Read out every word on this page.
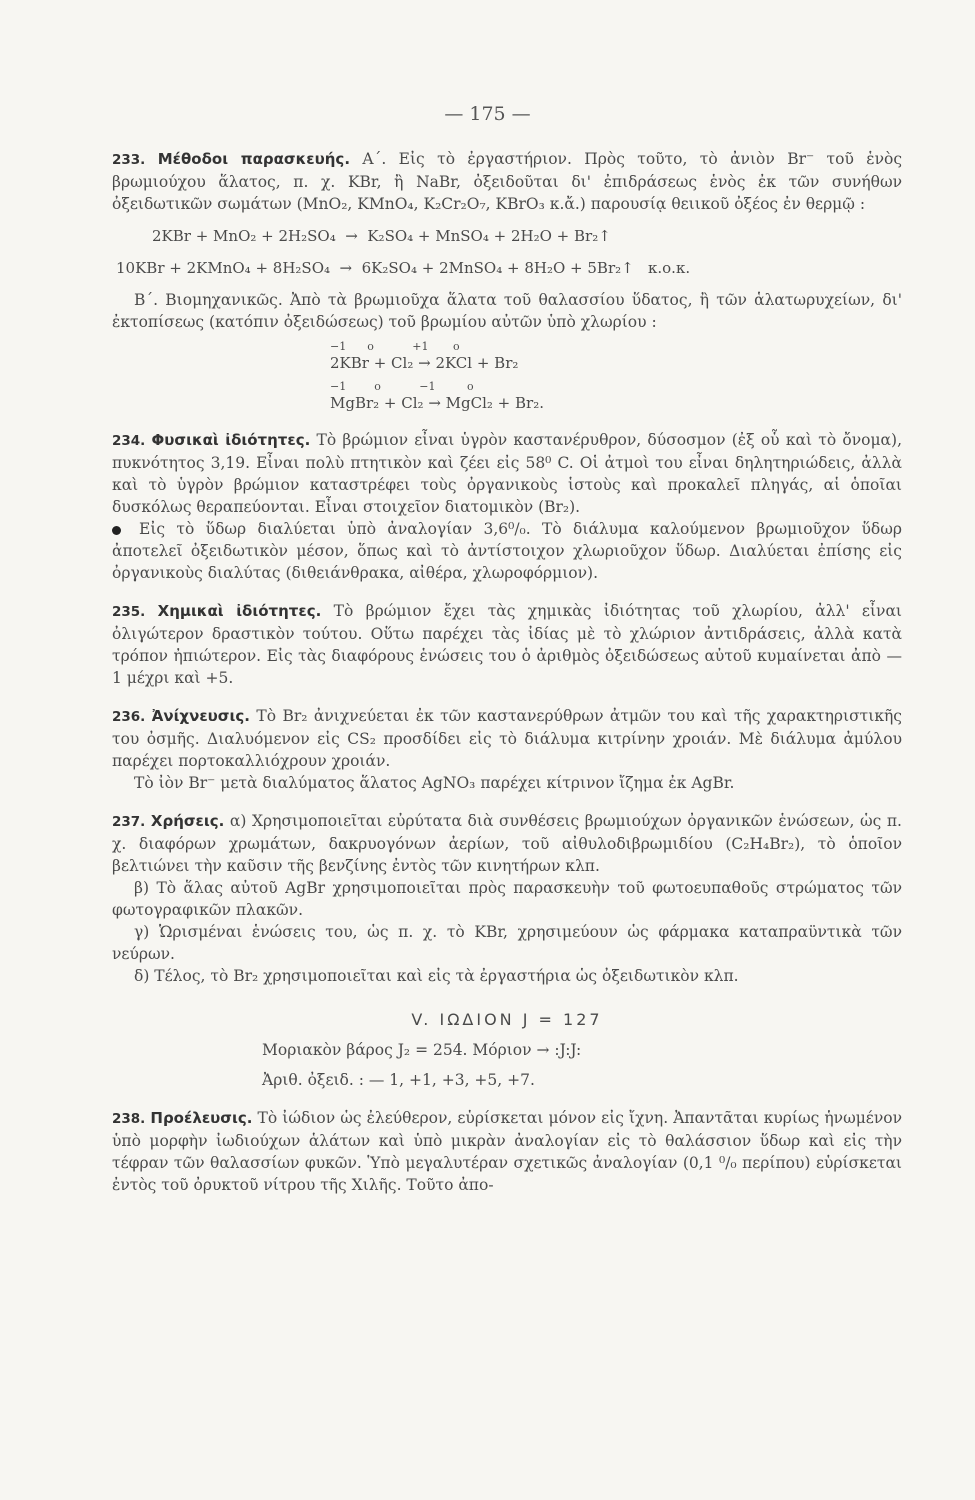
— 175 —

233. Μέθοδοι παρασκευής. Α΄. Εἰς τὸ ἐργαστήριον. Πρὸς τοῦτο, τὸ ἀνιὸν Br⁻ τοῦ ἑνὸς βρωμιούχου ἅλατος, π. χ. KBr, ἢ NaBr, ὀξειδοῦται δι' ἐπιδράσεως ἑνὸς ἐκ τῶν συνήθων ὀξειδωτικῶν σωμάτων (MnO₂, KMnO₄, K₂Cr₂O₇, KBrO₃ κ.ἄ.) παρουσίᾳ θειικοῦ ὀξέος ἐν θερμῷ :

2KBr + MnO₂ + 2H₂SO₄  →  K₂SO₄ + MnSO₄ + 2H₂O + Br₂↑
10KBr + 2KMnO₄ + 8H₂SO₄  →  6K₂SO₄ + 2MnSO₄ + 8H₂O + 5Br₂↑   κ.ο.κ.

Β΄. Βιομηχανικῶς. Ἀπὸ τὰ βρωμιοῦχα ἅλατα τοῦ θαλασσίου ὕδατος, ἢ τῶν ἁλατωρυχείων, δι' ἐκτοπίσεως (κατόπιν ὀξειδώσεως) τοῦ βρωμίου αὐτῶν ὑπὸ χλωρίου :

−1      o           +1       o
2KBr + Cl₂ → 2KCl + Br₂
−1        o           −1         o
MgBr₂ + Cl₂ → MgCl₂ + Br₂.

234. Φυσικαὶ ἰδιότητες. Τὸ βρώμιον εἶναι ὑγρὸν καστανέρυθρον, δύσοσμον (ἐξ οὗ καὶ τὸ ὄνομα), πυκνότητος 3,19. Εἶναι πολὺ πτητικὸν καὶ ζέει εἰς 58⁰ C. Οἱ ἀτμοὶ του εἶναι δηλητηριώδεις, ἀλλὰ καὶ τὸ ὑγρὸν βρώμιον καταστρέφει τοὺς ὀργανικοὺς ἱστοὺς καὶ προκαλεῖ πληγάς, αἱ ὁποῖαι δυσκόλως θεραπεύονται. Εἶναι στοιχεῖον διατομικὸν (Br₂).

Εἰς τὸ ὕδωρ διαλύεται ὑπὸ ἀναλογίαν 3,6⁰/₀. Τὸ διάλυμα καλούμενον βρωμιοῦχον ὕδωρ ἀποτελεῖ ὀξειδωτικὸν μέσον, ὅπως καὶ τὸ ἀντίστοιχον χλωριοῦχον ὕδωρ. Διαλύεται ἐπίσης εἰς ὀργανικοὺς διαλύτας (διθειάνθρακα, αἰθέρα, χλωροφόρμιον).

235. Χημικαὶ ἰδιότητες. Τὸ βρώμιον ἔχει τὰς χημικὰς ἰδιότητας τοῦ χλωρίου, ἀλλ' εἶναι ὀλιγώτερον δραστικὸν τούτου. Οὕτω παρέχει τὰς ἰδίας μὲ τὸ χλώριον ἀντιδράσεις, ἀλλὰ κατὰ τρόπον ἠπιώτερον. Εἰς τὰς διαφόρους ἑνώσεις του ὁ ἀριθμὸς ὀξειδώσεως αὐτοῦ κυμαίνεται ἀπὸ —1 μέχρι καὶ +5.

236. Ἀνίχνευσις. Τὸ Br₂ ἀνιχνεύεται ἐκ τῶν καστανερύθρων ἀτμῶν του καὶ τῆς χαρακτηριστικῆς του ὀσμῆς. Διαλυόμενον εἰς CS₂ προσδίδει εἰς τὸ διάλυμα κιτρίνην χροιάν. Μὲ διάλυμα ἀμύλου παρέχει πορτοκαλλιόχρουν χροιάν.

Τὸ ἰὸν Br⁻ μετὰ διαλύματος ἅλατος AgNO₃ παρέχει κίτρινον ἴζημα ἐκ AgBr.

237. Χρήσεις. α) Χρησιμοποιεῖται εὐρύτατα διὰ συνθέσεις βρωμιούχων ὀργανικῶν ἑνώσεων, ὡς π. χ. διαφόρων χρωμάτων, δακρυογόνων ἀερίων, τοῦ αἰθυλοδιβρωμιδίου (C₂H₄Br₂), τὸ ὁποῖον βελτιώνει τὴν καῦσιν τῆς βενζίνης ἐντὸς τῶν κινητήρων κλπ.

β) Τὸ ἅλας αὐτοῦ AgBr χρησιμοποιεῖται πρὸς παρασκευὴν τοῦ φωτοευπαθοῦς στρώματος τῶν φωτογραφικῶν πλακῶν.

γ) Ὡρισμέναι ἑνώσεις του, ὡς π. χ. τὸ KBr, χρησιμεύουν ὡς φάρμακα καταπραϋντικὰ τῶν νεύρων.

δ) Τέλος, τὸ Br₂ χρησιμοποιεῖται καὶ εἰς τὰ ἐργαστήρια ὡς ὀξειδωτικὸν κλπ.

V. ΙΩΔΙΟΝ J = 127
Μοριακὸν βάρος J₂ = 254. Μόριον → :J:J:
Ἀριθ. ὀξειδ. : — 1, +1, +3, +5, +7.

238. Προέλευσις. Τὸ ἰώδιον ὡς ἐλεύθερον, εὑρίσκεται μόνον εἰς ἴχνη. Ἀπαντᾶται κυρίως ἡνωμένον ὑπὸ μορφὴν ἰωδιούχων ἁλάτων καὶ ὑπὸ μικρὰν ἀναλογίαν εἰς τὸ θαλάσσιον ὕδωρ καὶ εἰς τὴν τέφραν τῶν θαλασσίων φυκῶν. Ὑπὸ μεγαλυτέραν σχετικῶς ἀναλογίαν (0,1 ⁰/₀ περίπου) εὑρίσκεται ἐντὸς τοῦ ὀρυκτοῦ νίτρου τῆς Χιλῆς. Τοῦτο ἀπο-
